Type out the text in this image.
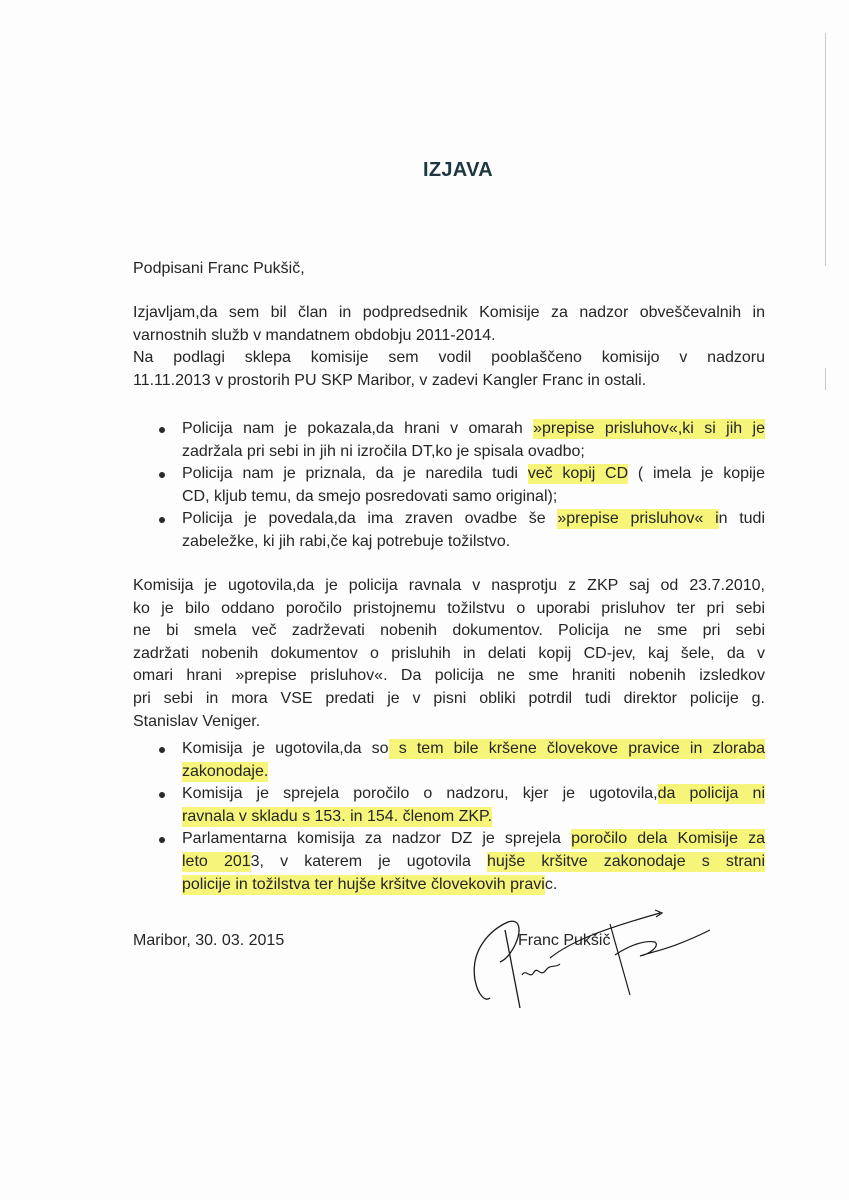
IZJAVA
Podpisani Franc Pukšič,
Izjavljam,da sem bil član in podpredsednik Komisije za nadzor obveščevalnih in
varnostnih služb v mandatnem obdobju 2011-2014.
Na podlagi sklepa komisije sem vodil pooblaščeno komisijo v nadzoru
11.11.2013 v prostorih PU SKP Maribor, v zadevi Kangler Franc in ostali.
Policija nam je pokazala,da hrani v omarah »prepise prisluhov«,ki si jih je
zadržala pri sebi in jih ni izročila DT,ko je spisala ovadbo;
Policija nam je priznala, da je naredila tudi več kopij CD ( imela je kopije
CD, kljub temu, da smejo posredovati samo original);
Policija je povedala,da ima zraven ovadbe še »prepise prisluhov« in tudi
zabeležke, ki jih rabi,če kaj potrebuje tožilstvo.
Komisija je ugotovila,da je policija ravnala v nasprotju z ZKP saj od 23.7.2010,
ko je bilo oddano poročilo pristojnemu tožilstvu o uporabi prisluhov ter pri sebi
ne bi smela več zadrževati nobenih dokumentov. Policija ne sme pri sebi
zadržati nobenih dokumentov o prisluhih in delati kopij CD-jev, kaj šele, da v
omari hrani »prepise prisluhov«. Da policija ne sme hraniti nobenih izsledkov
pri sebi in mora VSE predati je v pisni obliki potrdil tudi direktor policije g.
Stanislav Veniger.
Komisija je ugotovila,da so s tem bile kršene človekove pravice in zloraba
zakonodaje.
Komisija je sprejela poročilo o nadzoru, kjer je ugotovila,da policija ni
ravnala v skladu s 153. in 154. členom ZKP.
Parlamentarna komisija za nadzor DZ je sprejela poročilo dela Komisije za
leto 2013, v katerem je ugotovila hujše kršitve zakonodaje s strani
policije in tožilstva ter hujše kršitve človekovih pravic.
Maribor, 30. 03. 2015	Franc Pukšič
